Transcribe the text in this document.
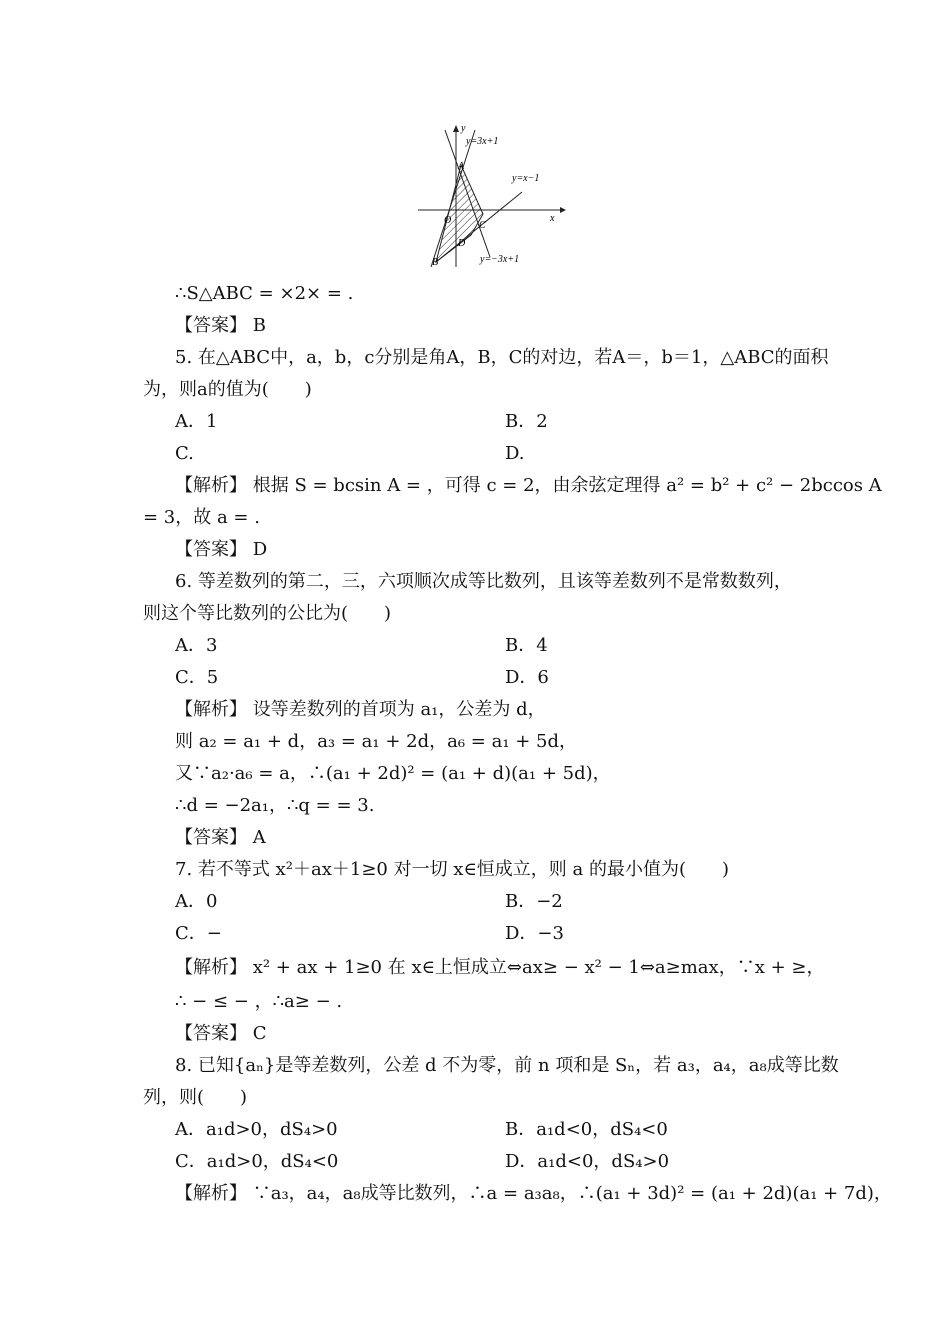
x
y
y=3x+1
y=x−1
y=−3x+1
A
B
C
D
O
∴S△ABC = ×2× = .
【答案】 B
5. 在△ABC中，a，b，c分别是角A，B，C的对边，若A＝，b＝1，△ABC的面积
为，则a的值为(　　)
A．1	B．2
C.	D.
【解析】 根据 S = bcsin A = ，可得 c = 2，由余弦定理得 a² = b² + c² − 2bccos A
= 3，故 a = .
【答案】 D
6. 等差数列的第二，三，六项顺次成等比数列，且该等差数列不是常数数列，
则这个等比数列的公比为(　　)
A．3	B．4
C．5	D．6
【解析】 设等差数列的首项为 a₁，公差为 d，
则 a₂ = a₁ + d，a₃ = a₁ + 2d，a₆ = a₁ + 5d，
又∵a₂·a₆ = a，∴(a₁ + 2d)² = (a₁ + d)(a₁ + 5d)，
∴d = −2a₁，∴q = = 3.
【答案】 A
7. 若不等式 x²＋ax＋1≥0 对一切 x∈恒成立，则 a 的最小值为(　　)
A．0	B．−2
C．−	D．−3
【解析】 x² + ax + 1≥0 在 x∈上恒成立⇔ax≥ − x² − 1⇔a≥max，∵x + ≥，
∴ − ≤ − ，∴a≥ − .
【答案】 C
8. 已知{aₙ}是等差数列，公差 d 不为零，前 n 项和是 Sₙ，若 a₃，a₄，a₈成等比数
列，则(　　)
A．a₁d>0，dS₄>0	B．a₁d<0，dS₄<0
C．a₁d>0，dS₄<0	D．a₁d<0，dS₄>0
【解析】 ∵a₃，a₄，a₈成等比数列，∴a = a₃a₈，∴(a₁ + 3d)² = (a₁ + 2d)(a₁ + 7d)，
